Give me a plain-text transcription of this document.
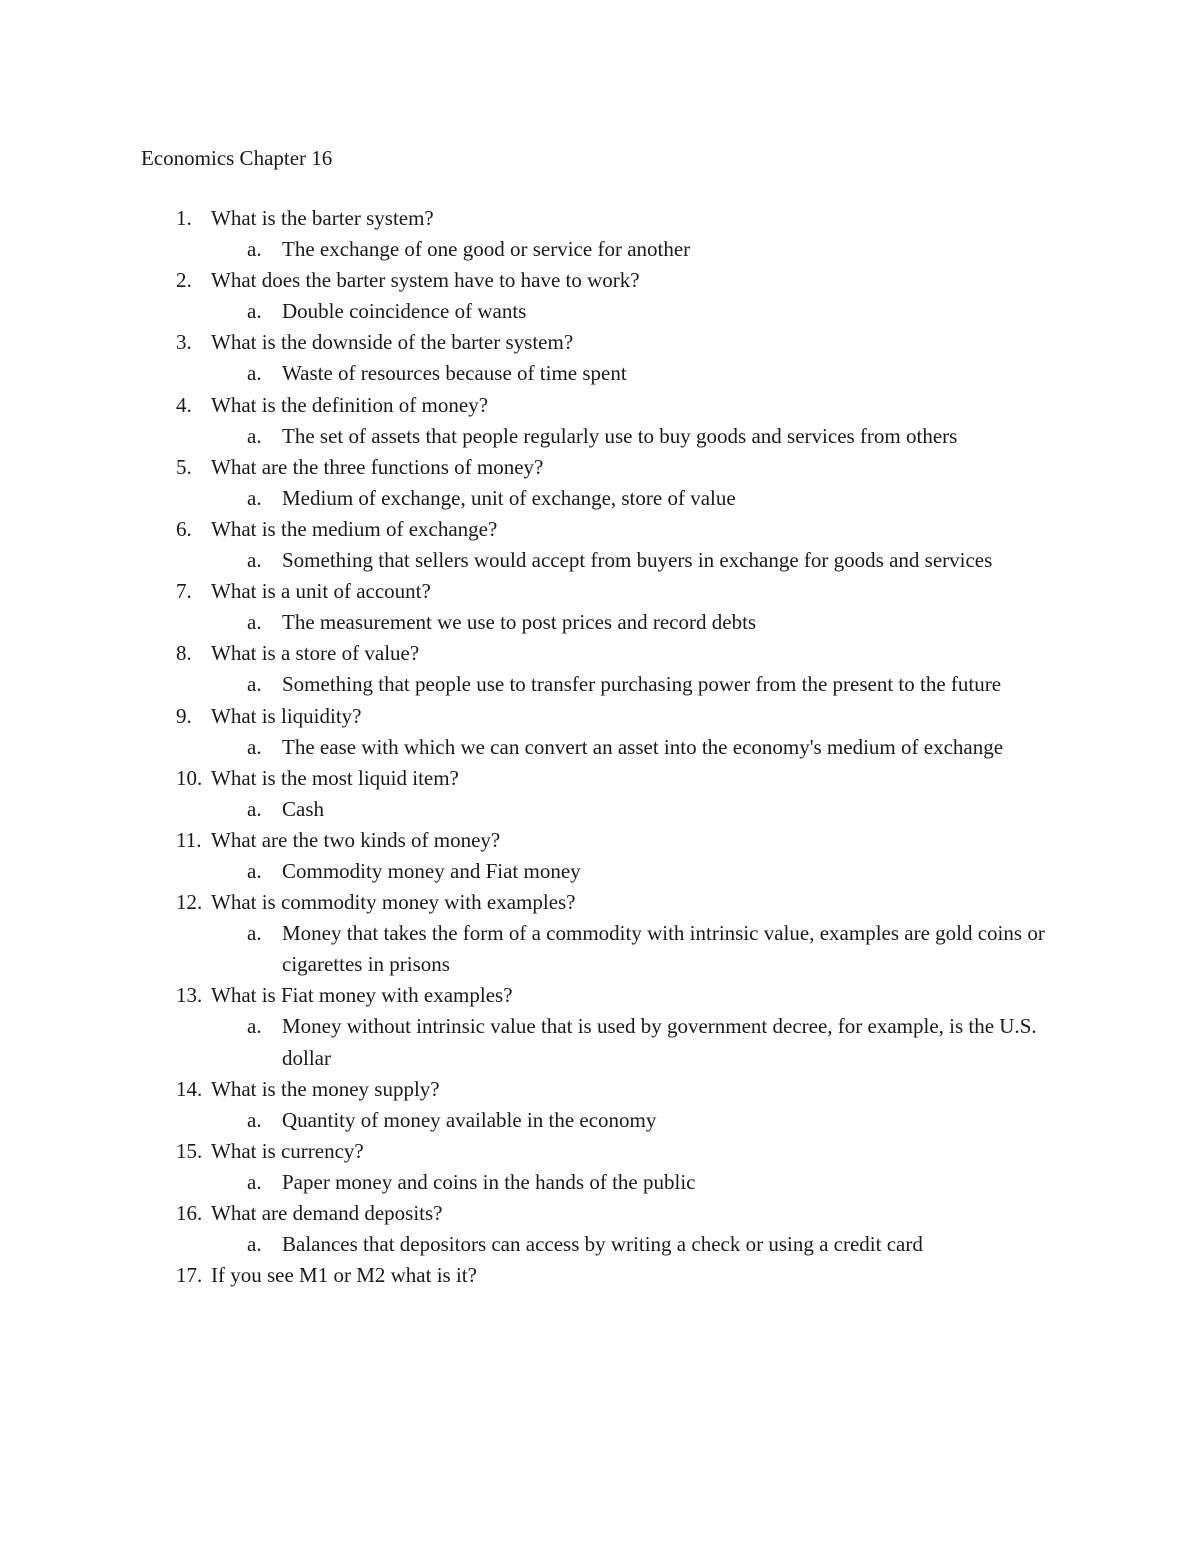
Economics Chapter 16
1. What is the barter system?
a. The exchange of one good or service for another
2. What does the barter system have to have to work?
a. Double coincidence of wants
3. What is the downside of the barter system?
a. Waste of resources because of time spent
4. What is the definition of money?
a. The set of assets that people regularly use to buy goods and services from others
5. What are the three functions of money?
a. Medium of exchange, unit of exchange, store of value
6. What is the medium of exchange?
a. Something that sellers would accept from buyers in exchange for goods and services
7. What is a unit of account?
a. The measurement we use to post prices and record debts
8. What is a store of value?
a. Something that people use to transfer purchasing power from the present to the future
9. What is liquidity?
a. The ease with which we can convert an asset into the economy's medium of exchange
10. What is the most liquid item?
a. Cash
11. What are the two kinds of money?
a. Commodity money and Fiat money
12. What is commodity money with examples?
a. Money that takes the form of a commodity with intrinsic value, examples are gold coins or cigarettes in prisons
13. What is Fiat money with examples?
a. Money without intrinsic value that is used by government decree, for example, is the U.S. dollar
14. What is the money supply?
a. Quantity of money available in the economy
15. What is currency?
a. Paper money and coins in the hands of the public
16. What are demand deposits?
a. Balances that depositors can access by writing a check or using a credit card
17. If you see M1 or M2 what is it?
